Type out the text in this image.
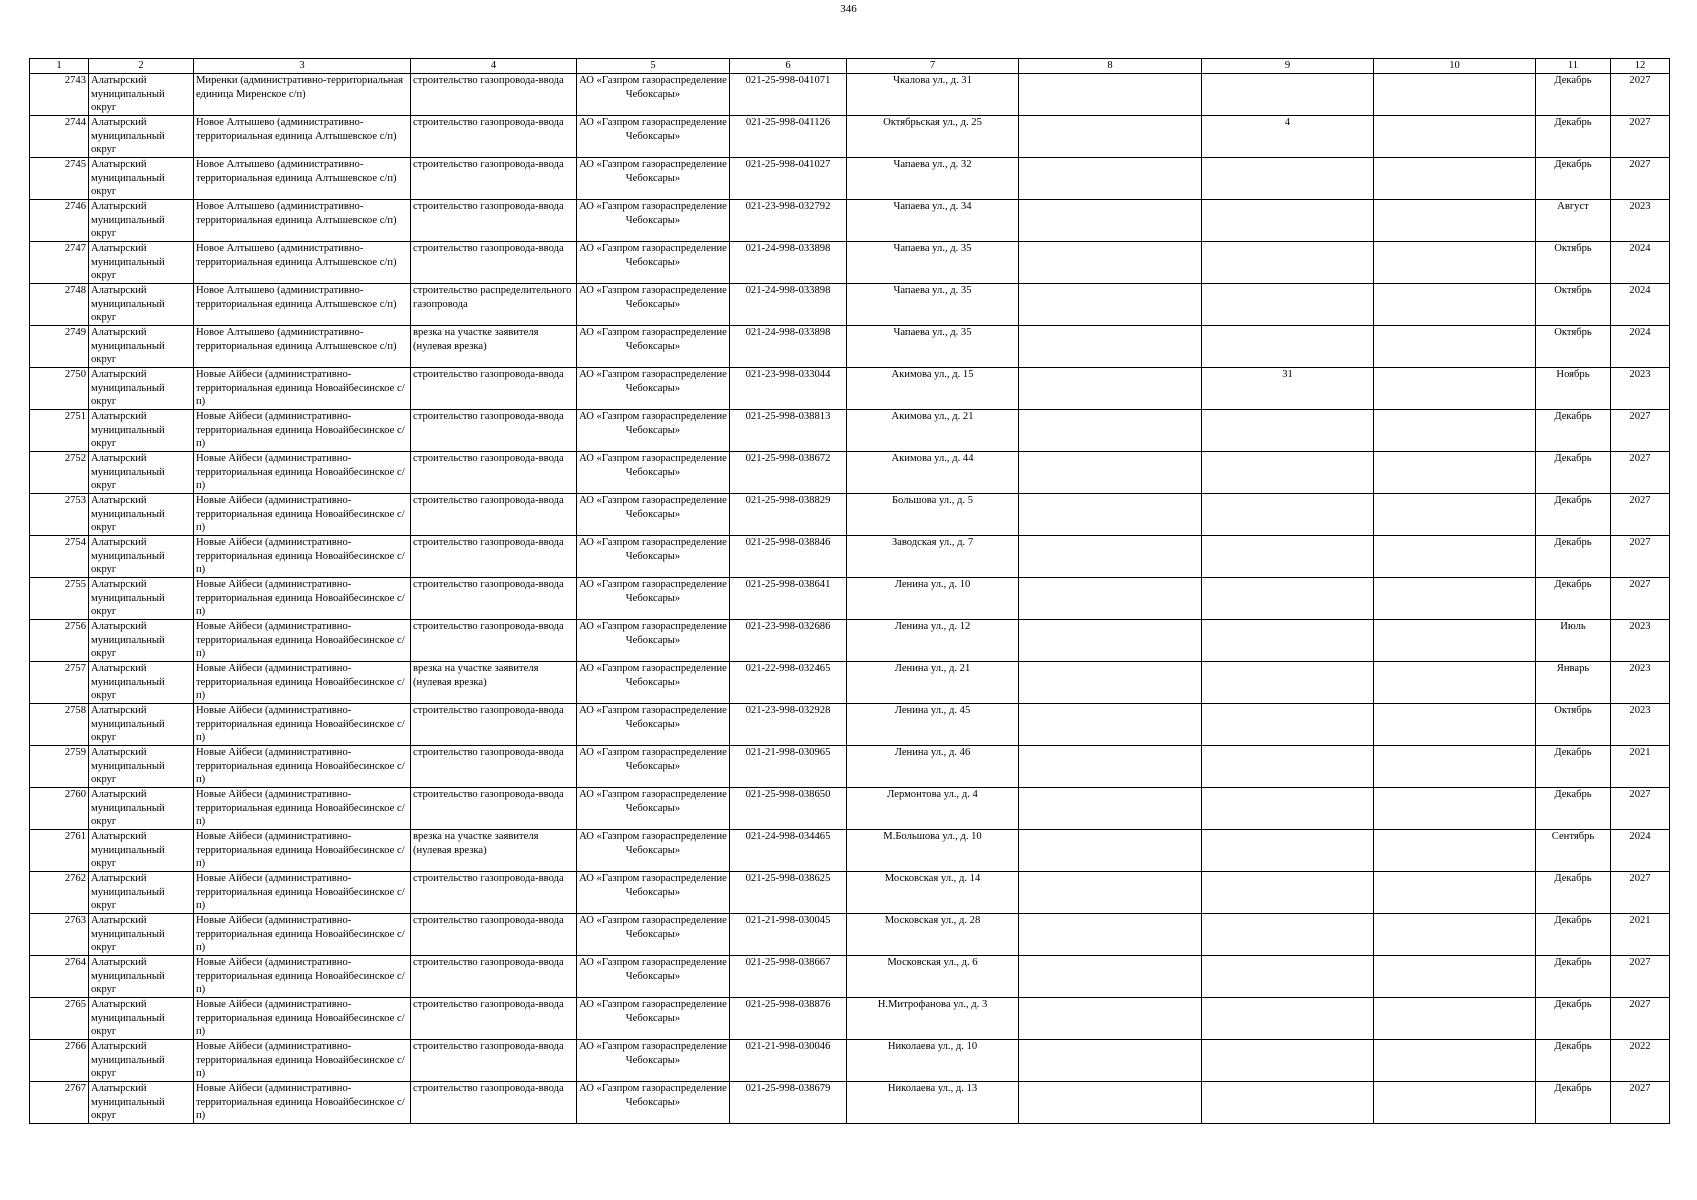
346
1	2	3	4	5	6	7	8	9	10	11	12

2743	Алатырский муниципальный округ	Миренки (административно-территориальная единица Миренское с/п)	строительство газопровода-ввода	АО «Газпром газораспределение Чебоксары»	021-25-998-041071	Чкалова ул., д. 31				Декабрь	2027

2744	Алатырский муниципальный округ	Новое Алтышево (административно-территориальная единица Алтышевское с/п)	строительство газопровода-ввода	АО «Газпром газораспределение Чебоксары»	021-25-998-041126	Октябрьская ул., д. 25		4		Декабрь	2027

2745	Алатырский муниципальный округ	Новое Алтышево (административно-территориальная единица Алтышевское с/п)	строительство газопровода-ввода	АО «Газпром газораспределение Чебоксары»	021-25-998-041027	Чапаева ул., д. 32				Декабрь	2027

2746	Алатырский муниципальный округ	Новое Алтышево (административно-территориальная единица Алтышевское с/п)	строительство газопровода-ввода	АО «Газпром газораспределение Чебоксары»	021-23-998-032792	Чапаева ул., д. 34				Август	2023

2747	Алатырский муниципальный округ	Новое Алтышево (административно-территориальная единица Алтышевское с/п)	строительство газопровода-ввода	АО «Газпром газораспределение Чебоксары»	021-24-998-033898	Чапаева ул., д. 35				Октябрь	2024

2748	Алатырский муниципальный округ	Новое Алтышево (административно-территориальная единица Алтышевское с/п)	строительство распределительного газопровода	АО «Газпром газораспределение Чебоксары»	021-24-998-033898	Чапаева ул., д. 35				Октябрь	2024

2749	Алатырский муниципальный округ	Новое Алтышево (административно-территориальная единица Алтышевское с/п)	врезка на участке заявителя (нулевая врезка)	АО «Газпром газораспределение Чебоксары»	021-24-998-033898	Чапаева ул., д. 35				Октябрь	2024

2750	Алатырский муниципальный округ	Новые Айбеси (административно-территориальная единица Новоайбесинское с/п)	строительство газопровода-ввода	АО «Газпром газораспределение Чебоксары»	021-23-998-033044	Акимова ул., д. 15		31		Ноябрь	2023

2751	Алатырский муниципальный округ	Новые Айбеси (административно-территориальная единица Новоайбесинское с/п)	строительство газопровода-ввода	АО «Газпром газораспределение Чебоксары»	021-25-998-038813	Акимова ул., д. 21				Декабрь	2027

2752	Алатырский муниципальный округ	Новые Айбеси (административно-территориальная единица Новоайбесинское с/п)	строительство газопровода-ввода	АО «Газпром газораспределение Чебоксары»	021-25-998-038672	Акимова ул., д. 44				Декабрь	2027

2753	Алатырский муниципальный округ	Новые Айбеси (административно-территориальная единица Новоайбесинское с/п)	строительство газопровода-ввода	АО «Газпром газораспределение Чебоксары»	021-25-998-038829	Большова ул., д. 5				Декабрь	2027

2754	Алатырский муниципальный округ	Новые Айбеси (административно-территориальная единица Новоайбесинское с/п)	строительство газопровода-ввода	АО «Газпром газораспределение Чебоксары»	021-25-998-038846	Заводская ул., д. 7				Декабрь	2027

2755	Алатырский муниципальный округ	Новые Айбеси (административно-территориальная единица Новоайбесинское с/п)	строительство газопровода-ввода	АО «Газпром газораспределение Чебоксары»	021-25-998-038641	Ленина ул., д. 10				Декабрь	2027

2756	Алатырский муниципальный округ	Новые Айбеси (административно-территориальная единица Новоайбесинское с/п)	строительство газопровода-ввода	АО «Газпром газораспределение Чебоксары»	021-23-998-032686	Ленина ул., д. 12				Июль	2023

2757	Алатырский муниципальный округ	Новые Айбеси (административно-территориальная единица Новоайбесинское с/п)	врезка на участке заявителя (нулевая врезка)	АО «Газпром газораспределение Чебоксары»	021-22-998-032465	Ленина ул., д. 21				Январь	2023

2758	Алатырский муниципальный округ	Новые Айбеси (административно-территориальная единица Новоайбесинское с/п)	строительство газопровода-ввода	АО «Газпром газораспределение Чебоксары»	021-23-998-032928	Ленина ул., д. 45				Октябрь	2023

2759	Алатырский муниципальный округ	Новые Айбеси (административно-территориальная единица Новоайбесинское с/п)	строительство газопровода-ввода	АО «Газпром газораспределение Чебоксары»	021-21-998-030965	Ленина ул., д. 46				Декабрь	2021

2760	Алатырский муниципальный округ	Новые Айбеси (административно-территориальная единица Новоайбесинское с/п)	строительство газопровода-ввода	АО «Газпром газораспределение Чебоксары»	021-25-998-038650	Лермонтова ул., д. 4				Декабрь	2027

2761	Алатырский муниципальный округ	Новые Айбеси (административно-территориальная единица Новоайбесинское с/п)	врезка на участке заявителя (нулевая врезка)	АО «Газпром газораспределение Чебоксары»	021-24-998-034465	М.Большова ул., д. 10				Сентябрь	2024

2762	Алатырский муниципальный округ	Новые Айбеси (административно-территориальная единица Новоайбесинское с/п)	строительство газопровода-ввода	АО «Газпром газораспределение Чебоксары»	021-25-998-038625	Московская ул., д. 14				Декабрь	2027

2763	Алатырский муниципальный округ	Новые Айбеси (административно-территориальная единица Новоайбесинское с/п)	строительство газопровода-ввода	АО «Газпром газораспределение Чебоксары»	021-21-998-030045	Московская ул., д. 28				Декабрь	2021

2764	Алатырский муниципальный округ	Новые Айбеси (административно-территориальная единица Новоайбесинское с/п)	строительство газопровода-ввода	АО «Газпром газораспределение Чебоксары»	021-25-998-038667	Московская ул., д. 6				Декабрь	2027

2765	Алатырский муниципальный округ	Новые Айбеси (административно-территориальная единица Новоайбесинское с/п)	строительство газопровода-ввода	АО «Газпром газораспределение Чебоксары»	021-25-998-038876	Н.Митрофанова ул., д. 3				Декабрь	2027

2766	Алатырский муниципальный округ	Новые Айбеси (административно-территориальная единица Новоайбесинское с/п)	строительство газопровода-ввода	АО «Газпром газораспределение Чебоксары»	021-21-998-030046	Николаева ул., д. 10				Декабрь	2022

2767	Алатырский муниципальный округ	Новые Айбеси (административно-территориальная единица Новоайбесинское с/п)	строительство газопровода-ввода	АО «Газпром газораспределение Чебоксары»	021-25-998-038679	Николаева ул., д. 13				Декабрь	2027
